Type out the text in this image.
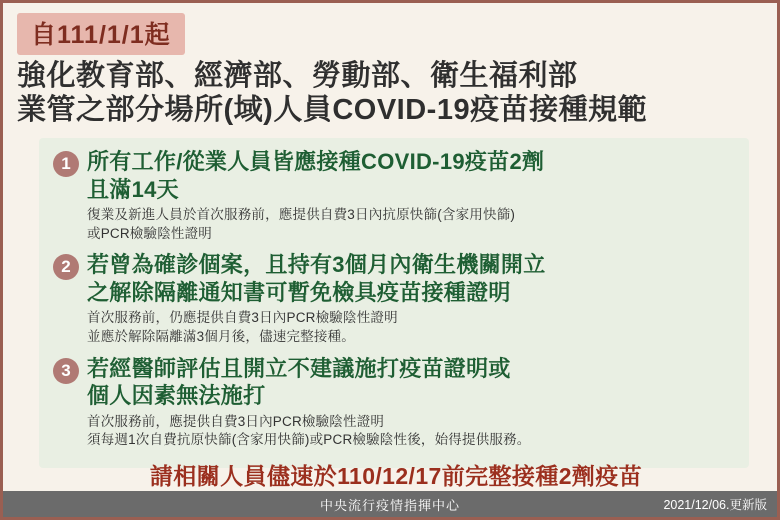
自111/1/1起
強化教育部、經濟部、勞動部、衛生福利部
業管之部分場所(域)人員COVID-19疫苗接種規範
1 所有工作/從業人員皆應接種COVID-19疫苗2劑
且滿14天
復業及新進人員於首次服務前，應提供自費3日內抗原快篩(含家用快篩)
或PCR檢驗陰性證明
2 若曾為確診個案，且持有3個月內衛生機關開立
之解除隔離通知書可暫免檢具疫苗接種證明
首次服務前，仍應提供自費3日內PCR檢驗陰性證明
並應於解除隔離滿3個月後，儘速完整接種。
3 若經醫師評估且開立不建議施打疫苗證明或
個人因素無法施打
首次服務前，應提供自費3日內PCR檢驗陰性證明
須每週1次自費抗原快篩(含家用快篩)或PCR檢驗陰性後，始得提供服務。
請相關人員儘速於110/12/17前完整接種2劑疫苗
中央流行疫情指揮中心	2021/12/06.更新版
